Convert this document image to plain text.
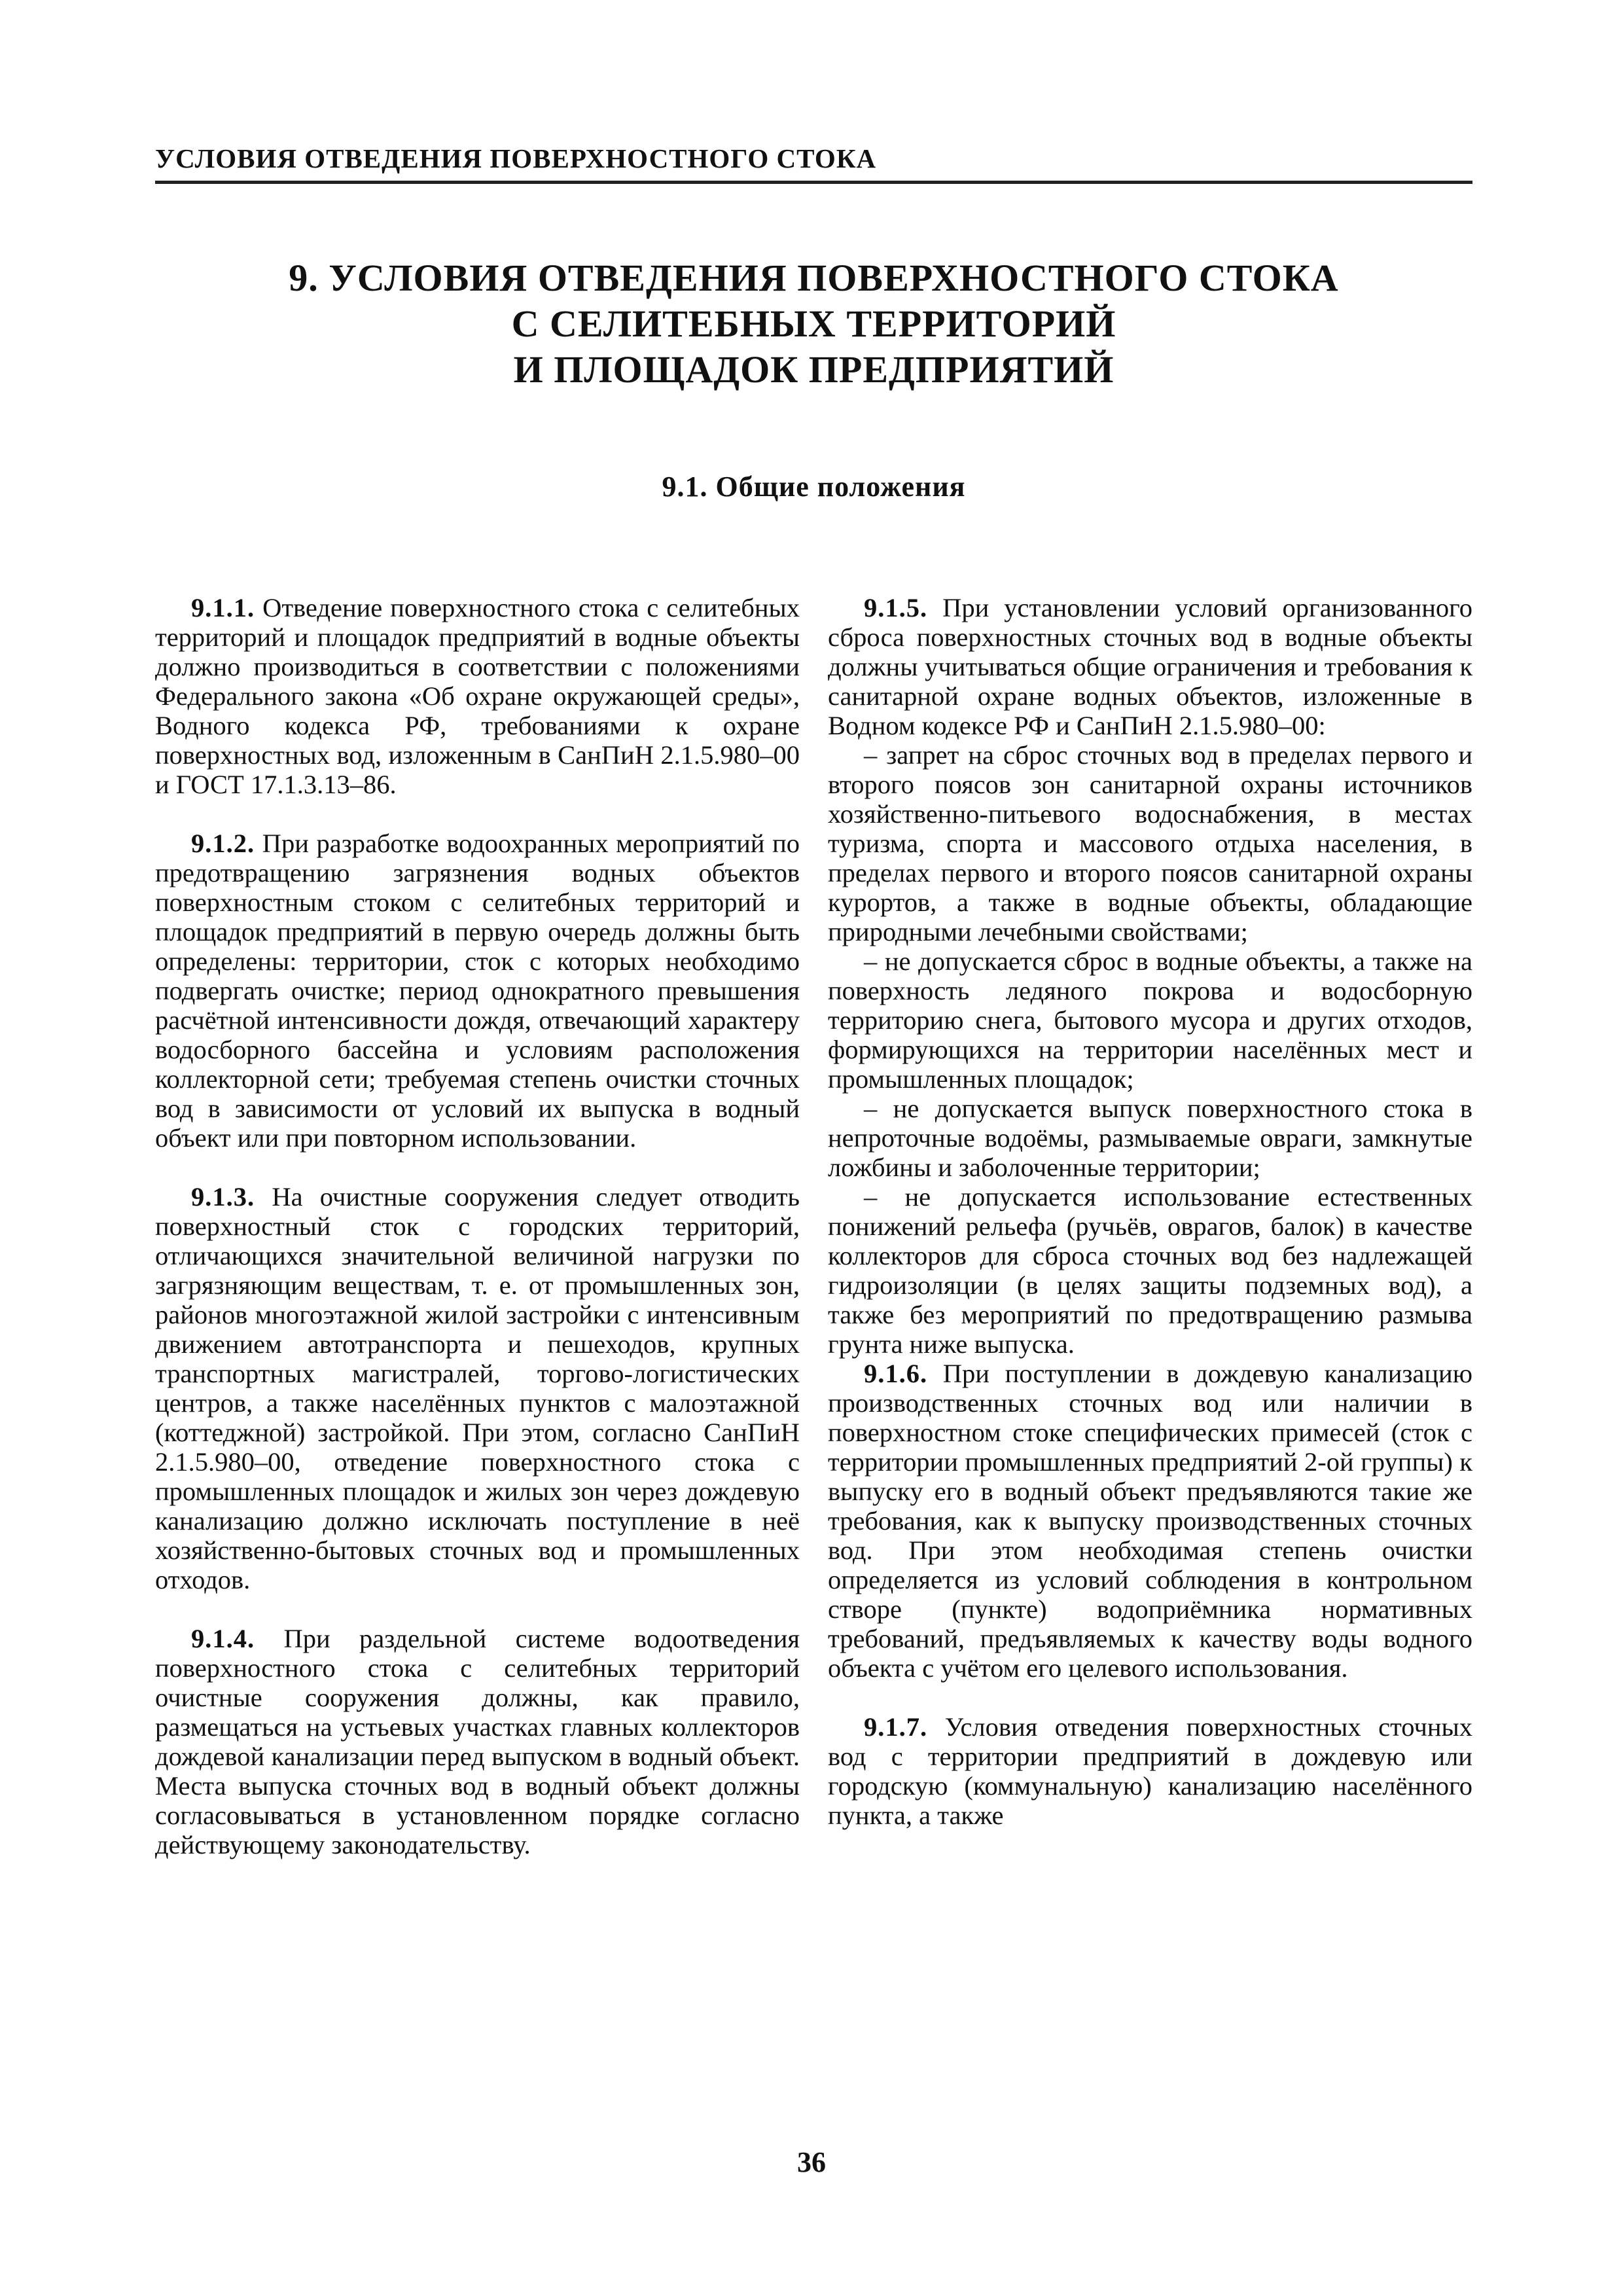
УСЛОВИЯ ОТВЕДЕНИЯ ПОВЕРХНОСТНОГО СТОКА
9. УСЛОВИЯ ОТВЕДЕНИЯ ПОВЕРХНОСТНОГО СТОКА
С СЕЛИТЕБНЫХ ТЕРРИТОРИЙ
И ПЛОЩАДОК ПРЕДПРИЯТИЙ
9.1. Общие положения

9.1.1. Отведение поверхностного стока с селитебных территорий и площадок предприятий в водные объекты должно производиться в соответствии с положениями Федерального закона «Об охране окружающей среды», Водного кодекса РФ, требованиями к охране поверхностных вод, изложенным в СанПиН 2.1.5.980–00 и ГОСТ 17.1.3.13–86.

9.1.2. При разработке водоохранных мероприятий по предотвращению загрязнения водных объектов поверхностным стоком с селитебных территорий и площадок предприятий в первую очередь должны быть определены: территории, сток с которых необходимо подвергать очистке; период однократного превышения расчётной интенсивности дождя, отвечающий характеру водосборного бассейна и условиям расположения коллекторной сети; требуемая степень очистки сточных вод в зависимости от условий их выпуска в водный объект или при повторном использовании.

9.1.3. На очистные сооружения следует отводить поверхностный сток с городских территорий, отличающихся значительной величиной нагрузки по загрязняющим веществам, т. е. от промышленных зон, районов многоэтажной жилой застройки с интенсивным движением автотранспорта и пешеходов, крупных транспортных магистралей, торгово-логистических центров, а также населённых пунктов с малоэтажной (коттеджной) застройкой. При этом, согласно СанПиН 2.1.5.980–00, отведение поверхностного стока с промышленных площадок и жилых зон через дождевую канализацию должно исключать поступление в неё хозяйственно-бытовых сточных вод и промышленных отходов.

9.1.4. При раздельной системе водоотведения поверхностного стока с селитебных территорий очистные сооружения должны, как правило, размещаться на устьевых участках главных коллекторов дождевой канализации перед выпуском в водный объект. Места выпуска сточных вод в водный объект должны согласовываться в установленном порядке согласно действующему законодательству.

9.1.5. При установлении условий организованного сброса поверхностных сточных вод в водные объекты должны учитываться общие ограничения и требования к санитарной охране водных объектов, изложенные в Водном кодексе РФ и СанПиН 2.1.5.980–00:

– запрет на сброс сточных вод в пределах первого и второго поясов зон санитарной охраны источников хозяйственно-питьевого водоснабжения, в местах туризма, спорта и массового отдыха населения, в пределах первого и второго поясов санитарной охраны курортов, а также в водные объекты, обладающие природными лечебными свойствами;

– не допускается сброс в водные объекты, а также на поверхность ледяного покрова и водосборную территорию снега, бытового мусора и других отходов, формирующихся на территории населённых мест и промышленных площадок;

– не допускается выпуск поверхностного стока в непроточные водоёмы, размываемые овраги, замкнутые ложбины и заболоченные территории;

– не допускается использование естественных понижений рельефа (ручьёв, оврагов, балок) в качестве коллекторов для сброса сточных вод без надлежащей гидроизоляции (в целях защиты подземных вод), а также без мероприятий по предотвращению размыва грунта ниже выпуска.

9.1.6. При поступлении в дождевую канализацию производственных сточных вод или наличии в поверхностном стоке специфических примесей (сток с территории промышленных предприятий 2-ой группы) к выпуску его в водный объект предъявляются такие же требования, как к выпуску производственных сточных вод. При этом необходимая степень очистки определяется из условий соблюдения в контрольном створе (пункте) водоприёмника нормативных требований, предъявляемых к качеству воды водного объекта с учётом его целевого использования.

9.1.7. Условия отведения поверхностных сточных вод с территории предприятий в дождевую или городскую (коммунальную) канализацию населённого пункта, а также

36
